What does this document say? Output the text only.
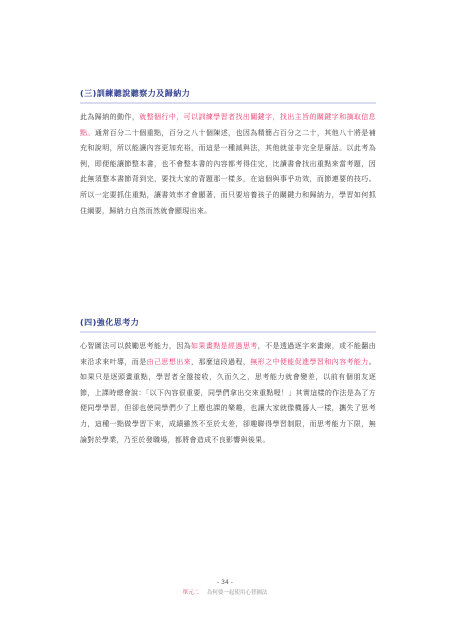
(三)訓練聽說聽察力及歸納力

此為歸納的動作，就整個行中，可以訓練學習者找出關鍵字，找出主旨的關鍵字和摘取信息點。通常百分二十個重點，百分之八十個陳述，也因為精簡占百分之二十，其他八十將是補充和說明，所以能讓內容更加充裕，而這是一種減與法，其他就並非完全是廢話。以此考為例，即便能讓節整本書，也不會整本書的內容都考得住完，比讀書會找出重點來當考題，因此無須整本書節背到完，要找大家的背題那一樣多，在這個與事乎功效，而節連要的技巧。所以一定要抓住重點，讓書效率才會顯著，而只要培養孩子的關鍵力和歸納力，學習如何抓住綱要，歸納力自然而然就會顯現出來。

(四)強化思考力

心智圖法可以鼓勵思考能力，因為如果畫點是經過思考，不是透過逐字來畫線，或不能翻由來沿求來叶導，而是由己思想出來，那麼這段過程，無形之中便能促進學習和內容考能力。如果只是逐頭畫重點，學習者全盤接收，久而久之，思考能力就會變差，以前有個朋友逐節，上課時總會說：「以下內容很重要，同學們拿出交來重點喔！」其實這樣的作法是為了方便同學學習，但卻也使同學們少了上應也課的樂趣，也讓大家就像機器人一樣，攜失了思考力，這種一點做學習下來，成績雖然不至於太差，卻趣聯得學習制限，而思考能力下限，無論對於學業，乃至於發職場，都將會造成不良影響與後果。

- 34 -
單元二 為何要一起使用心智圖法
